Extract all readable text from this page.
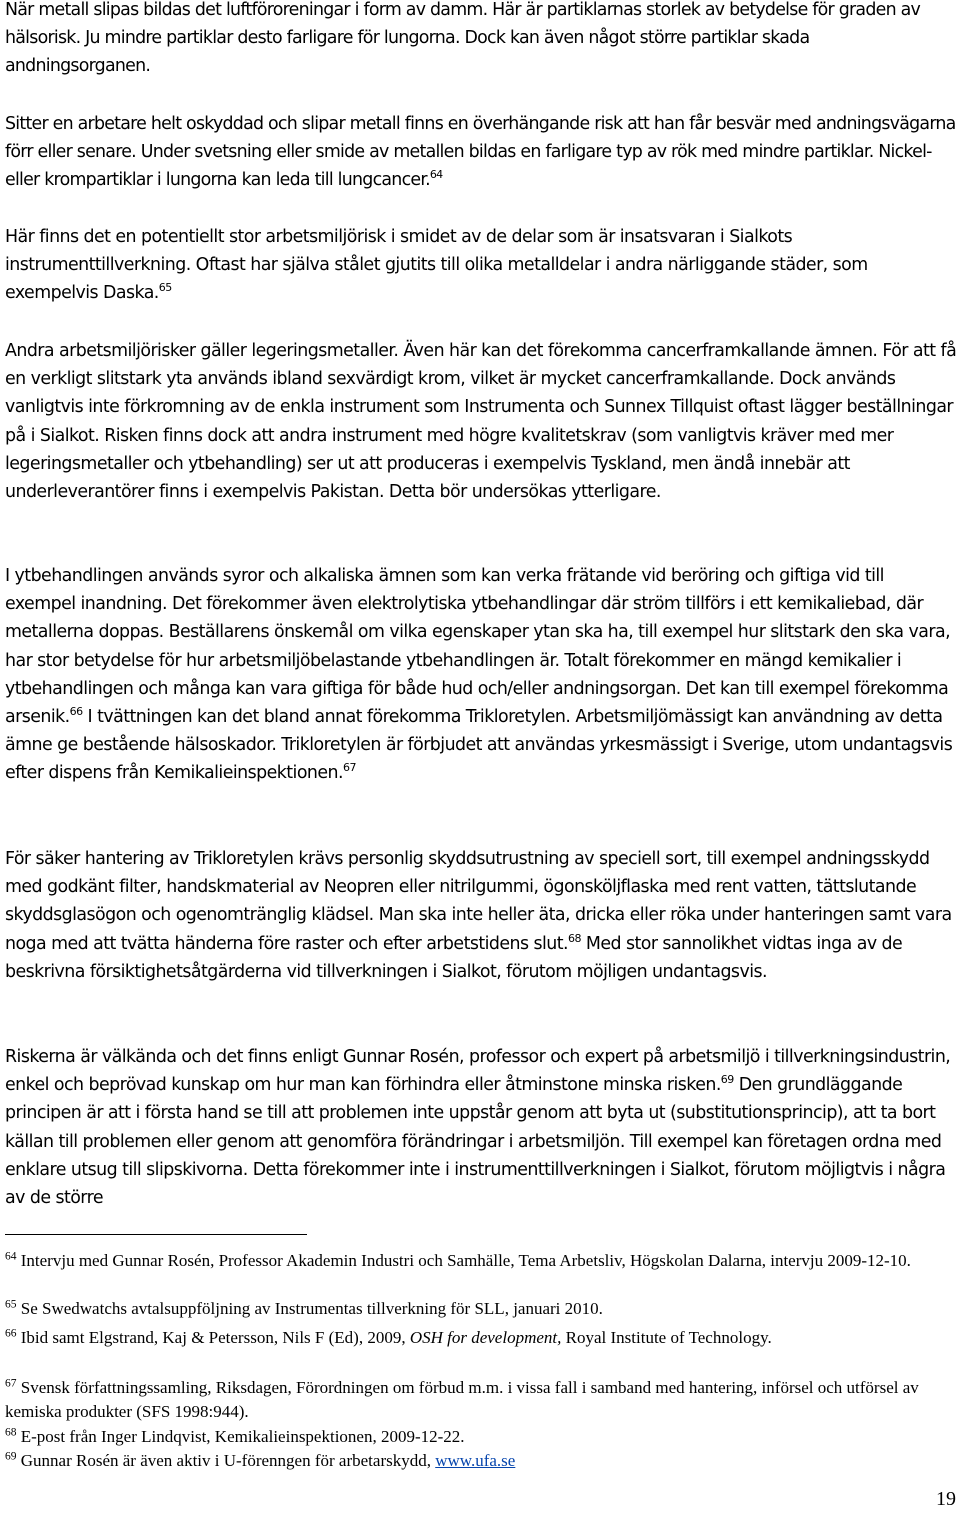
När metall slipas bildas det luftföroreningar i form av damm. Här är partiklarnas storlek av betydelse för graden av hälsorisk. Ju mindre partiklar desto farligare för lungorna. Dock kan även något större partiklar skada andningsorganen.

Sitter en arbetare helt oskyddad och slipar metall finns en överhängande risk att han får besvär med andningsvägarna förr eller senare. Under svetsning eller smide av metallen bildas en farligare typ av rök med mindre partiklar. Nickel- eller krompartiklar i lungorna kan leda till lungcancer.$^{64}$

Här finns det en potentiellt stor arbetsmiljörisk i smidet av de delar som är insatsvaran i Sialkots instrumenttillverkning. Oftast har själva stålet gjutits till olika metalldelar i andra närliggande städer, som exempelvis Daska.$^{65}$

Andra arbetsmiljörisker gäller legeringsmetaller. Även här kan det förekomma cancerframkallande ämnen. För att få en verkligt slitstark yta används ibland sexvärdigt krom, vilket är mycket cancerframkallande. Dock används vanligtvis inte förkromning av de enkla instrument som Instrumenta och Sunnex Tillquist oftast lägger beställningar på i Sialkot. Risken finns dock att andra instrument med högre kvalitetskrav (som vanligtvis kräver med mer legeringsmetaller och ytbehandling) ser ut att produceras i exempelvis Tyskland, men ändå innebär att underleverantörer finns i exempelvis Pakistan. Detta bör undersökas ytterligare.

I ytbehandlingen används syror och alkaliska ämnen som kan verka frätande vid beröring och giftiga vid till exempel inandning. Det förekommer även elektrolytiska ytbehandlingar där ström tillförs i ett kemikaliebad, där metallerna doppas. Beställarens önskemål om vilka egenskaper ytan ska ha, till exempel hur slitstark den ska vara, har stor betydelse för hur arbetsmiljöbelastande ytbehandlingen är. Totalt förekommer en mängd kemikalier i ytbehandlingen och många kan vara giftiga för både hud och/eller andningsorgan. Det kan till exempel förekomma arsenik.$^{66}$ I tvättningen kan det bland annat förekomma Trikloretylen. Arbetsmiljömässigt kan användning av detta ämne ge bestående hälsoskador. Trikloretylen är förbjudet att användas yrkesmässigt i Sverige, utom undantagsvis efter dispens från Kemikalieinspektionen.$^{67}$

För säker hantering av Trikloretylen krävs personlig skyddsutrustning av speciell sort, till exempel andningsskydd med godkänt filter, handskmaterial av Neopren eller nitrilgummi, ögonsköljflaska med rent vatten, tättslutande skyddsglasögon och ogenomtränglig klädsel. Man ska inte heller äta, dricka eller röka under hanteringen samt vara noga med att tvätta händerna före raster och efter arbetstidens slut.$^{68}$ Med stor sannolikhet vidtas inga av de beskrivna försiktighetsåtgärderna vid tillverkningen i Sialkot, förutom möjligen undantagsvis.

Riskerna är välkända och det finns enligt Gunnar Rosén, professor och expert på arbetsmiljö i tillverkningsindustrin, enkel och beprövad kunskap om hur man kan förhindra eller åtminstone minska risken.$^{69}$ Den grundläggande principen är att i första hand se till att problemen inte uppstår genom att byta ut (substitutionsprincip), att ta bort källan till problemen eller genom att genomföra förändringar i arbetsmiljön. Till exempel kan företagen ordna med enklare utsug till slipskivorna. Detta förekommer inte i instrumenttillverkningen i Sialkot, förutom möjligtvis i några av de större

$^{64}$ Intervju med Gunnar Rosén, Professor Akademin Industri och Samhälle, Tema Arbetsliv, Högskolan Dalarna, intervju 2009-12-10.

$^{65}$ Se Swedwatchs avtalsuppföljning av Instrumentas tillverkning för SLL, januari 2010.

$^{66}$ Ibid samt Elgstrand, Kaj & Petersson, Nils F (Ed), 2009, OSH for development, Royal Institute of Technology.

$^{67}$ Svensk författningssamling, Riksdagen, Förordningen om förbud m.m. i vissa fall i samband med hantering, införsel och utförsel av kemiska produkter (SFS 1998:944).

$^{68}$ E-post från Inger Lindqvist, Kemikalieinspektionen, 2009-12-22.

$^{69}$ Gunnar Rosén är även aktiv i U-förenngen för arbetarskydd, www.ufa.se

19
